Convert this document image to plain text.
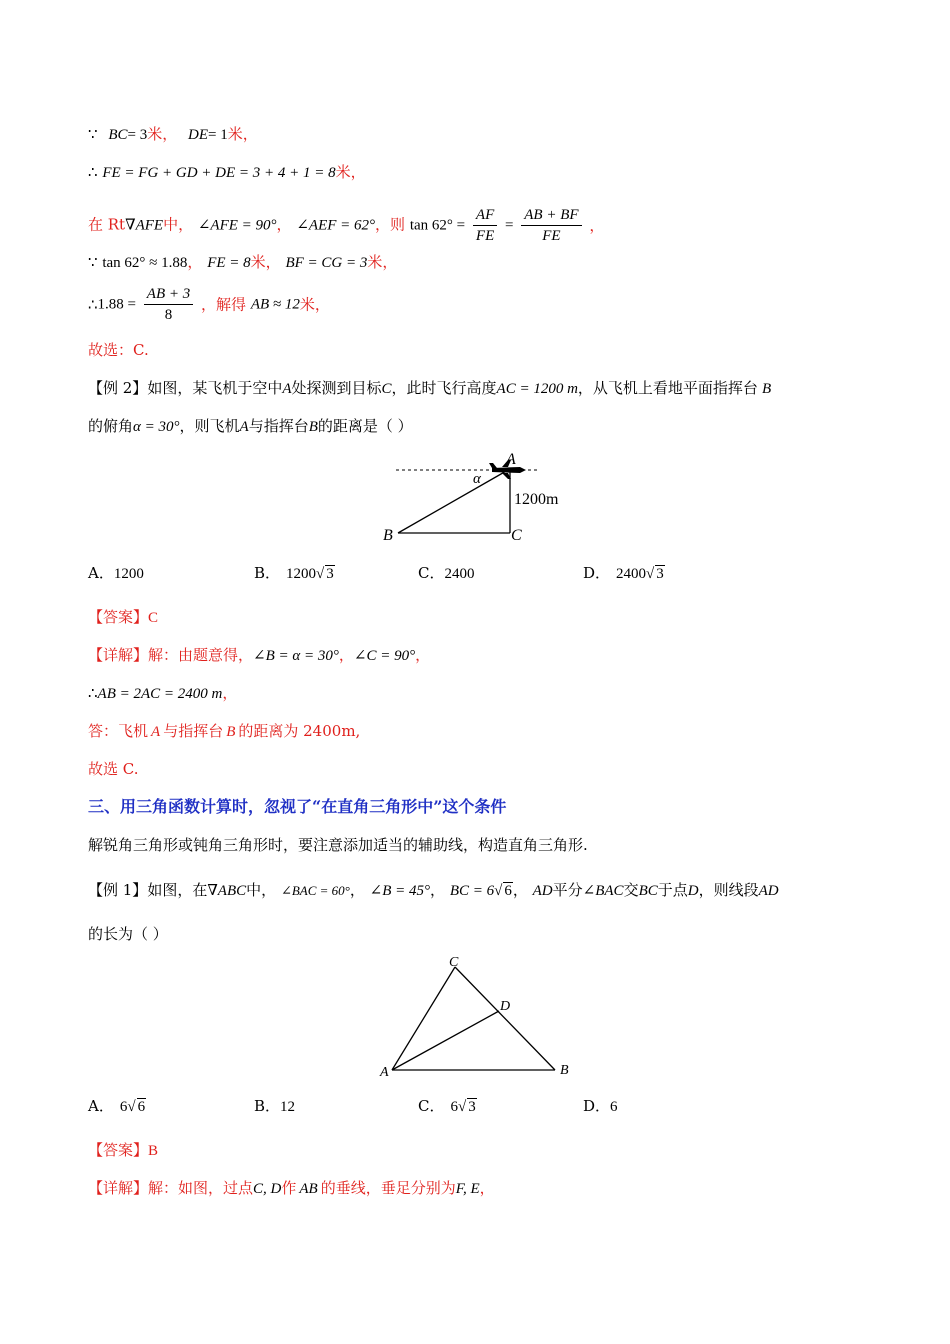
∵ BC= 3米， DE= 1米，
∴ FE = FG + GD + DE = 3 + 4 + 1 = 8米，
在 Rt∇AFE中， ∠AFE = 90°， ∠AEF = 62°，则 $\tan 62^\circ = \frac{AF}{FE} = \frac{AB + BF}{FE}$ ，
∵ tan 62° ≈ 1.88， FE = 8米， BF = CG = 3米，
∴1.88 = $\frac{AB + 3}{8}$ ，解得 AB ≈ 12米，
故选：C.
【例 2】如图，某飞机于空中A处探测到目标C，此时飞行高度AC = 1200 m，从飞机上看地平面指挥台 B
的俯角α = 30°，则飞机A与指挥台B的距离是（ ）
A
α
1200m
B	C
A．1200	B． 1200√ 3	C．2400	D． 2400√ 3
【答案】C
【详解】解：由题意得，∠B = α = 30°，∠C = 90°，
∴AB = 2AC = 2400 m，
答：飞机 A 与指挥台 B 的距离为 2400m,
故选 C.
三、用三角函数计算时，忽视了“在直角三角形中”这个条件
解锐角三角形或钝角三角形时，要注意添加适当的辅助线，构造直角三角形.
【例 1】如图，在∇ABC中， ∠BAC = 60°， ∠B = 45°， BC = 6√ 6， AD平分∠BAC交BC于点D，则线段AD
的长为（ ）
C
D
A	B
A． 6√ 6	B．12	C． 6√ 3	D．6
【答案】B
【详解】解：如图，过点C, D作 AB 的垂线，垂足分别为F, E，
